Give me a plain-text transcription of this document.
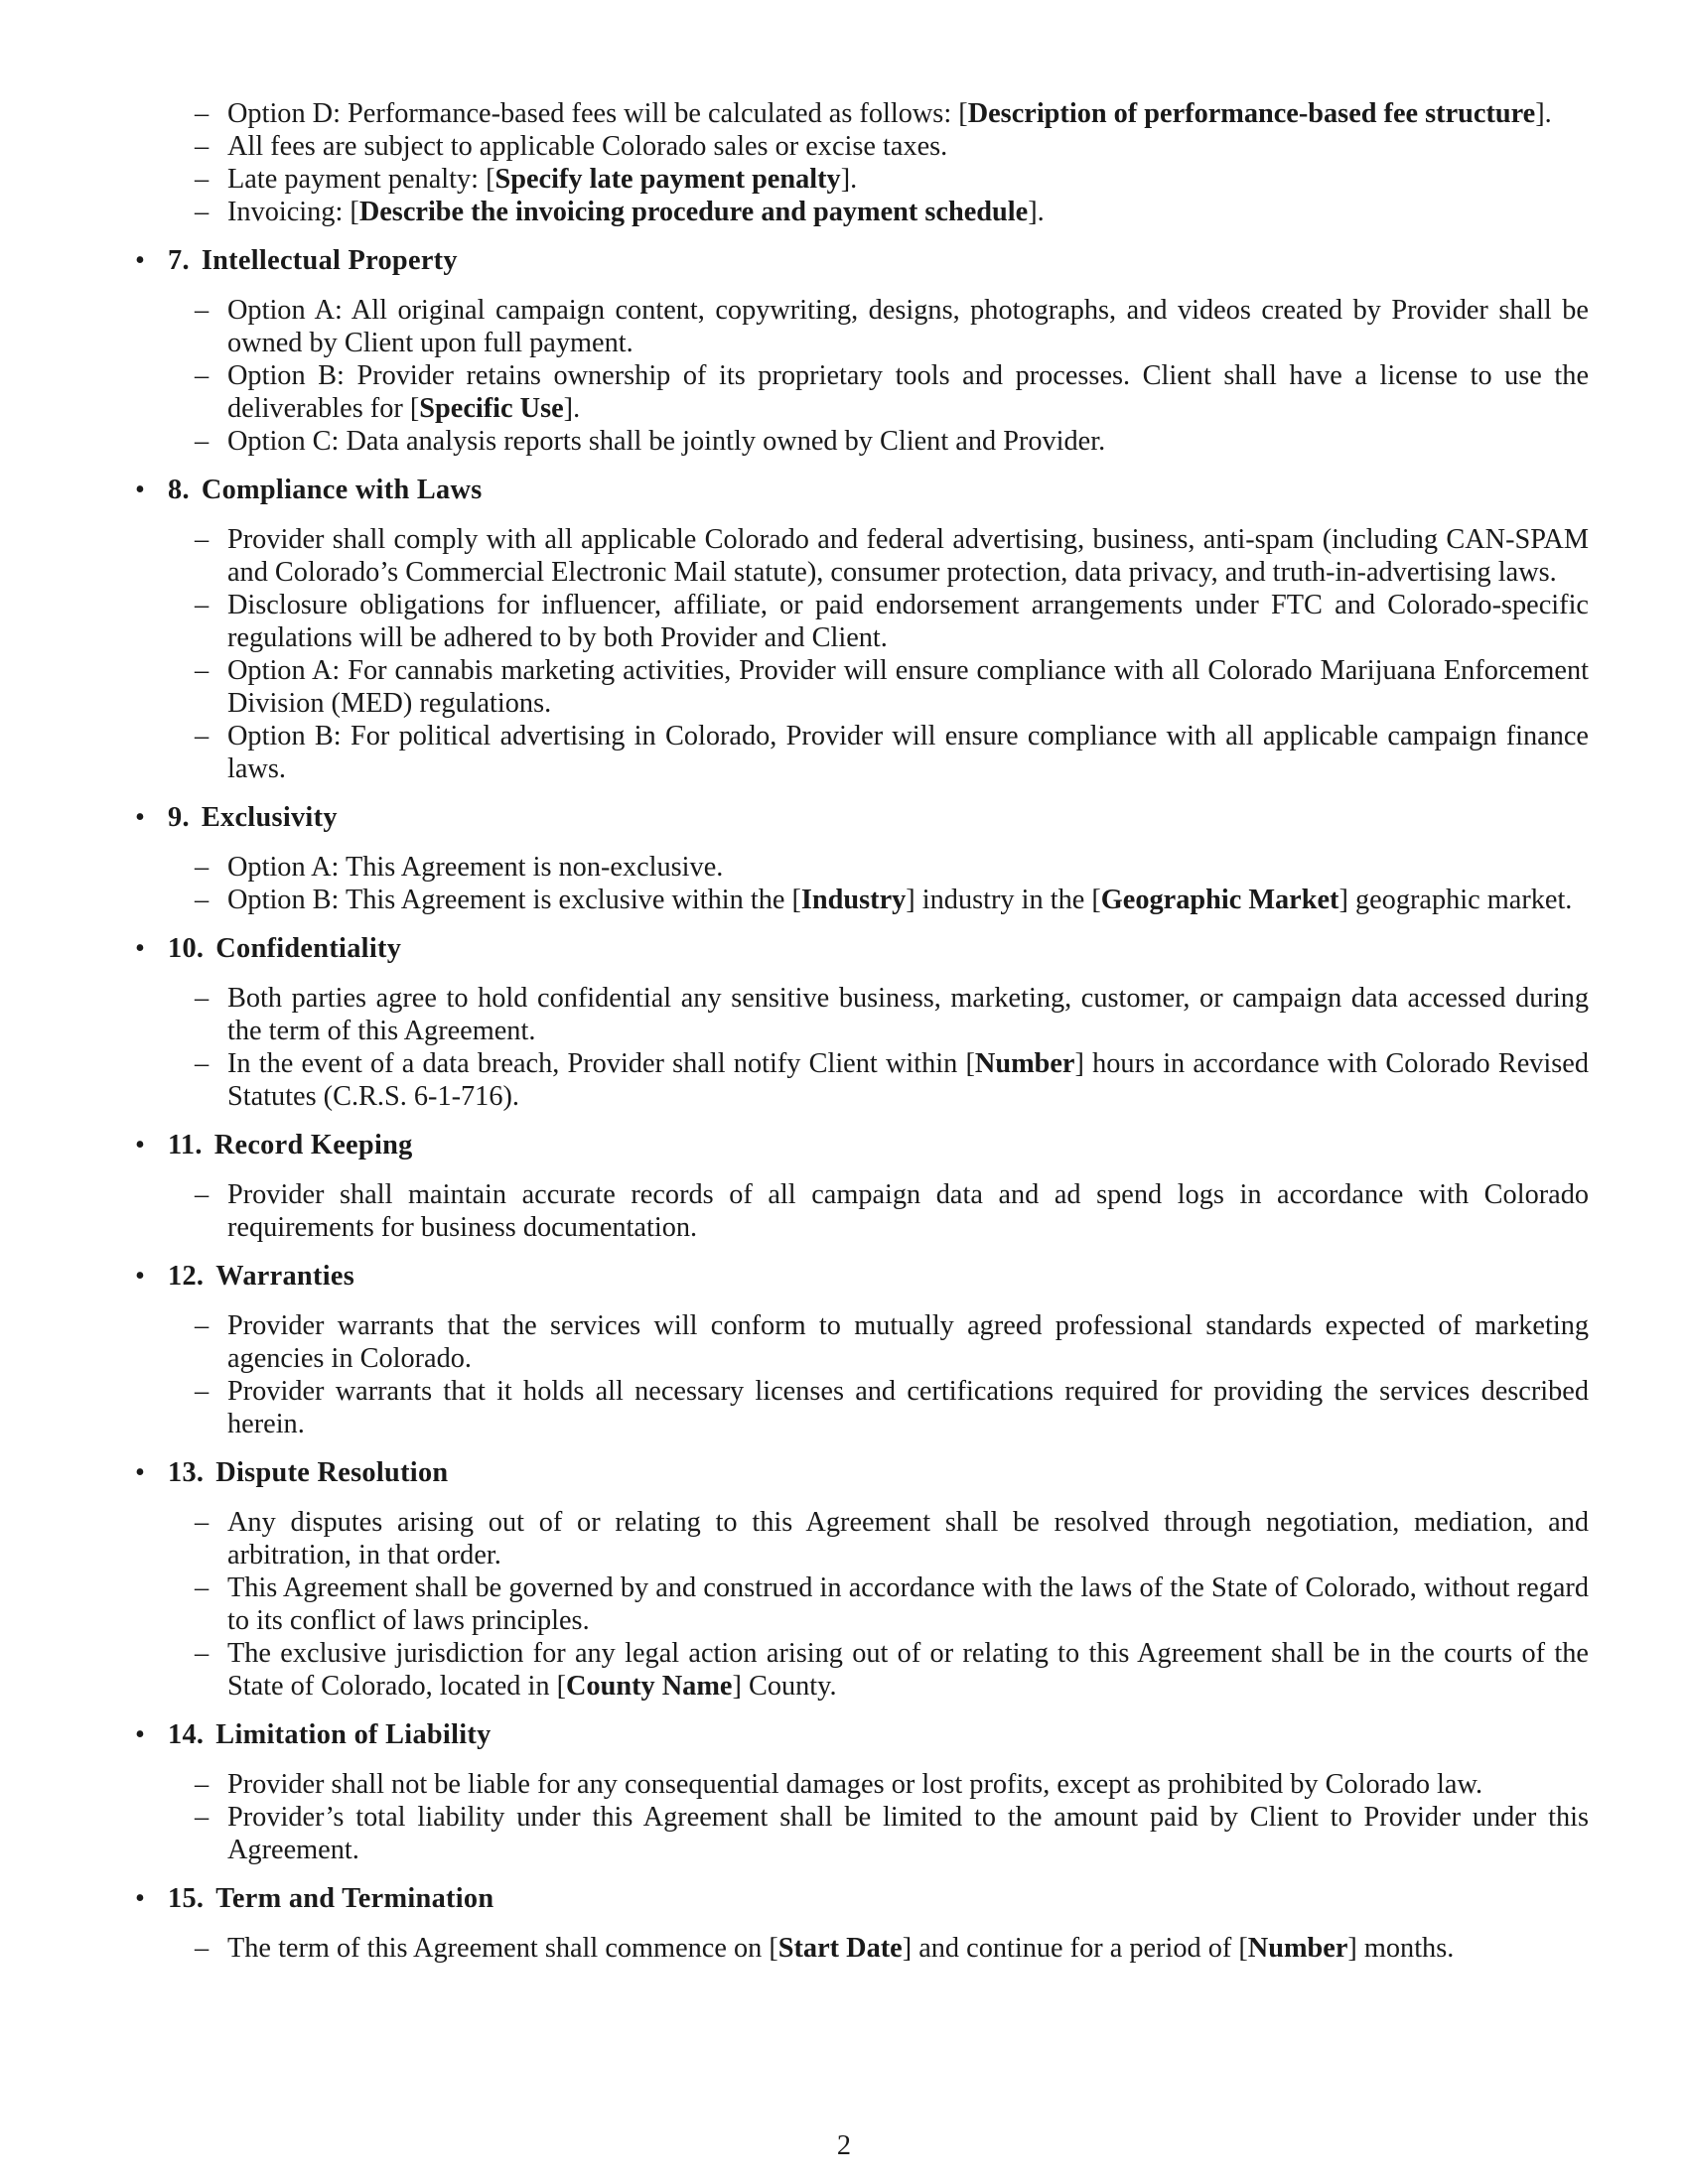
– Option D: Performance-based fees will be calculated as follows: [Description of performance-based fee structure].
– All fees are subject to applicable Colorado sales or excise taxes.
– Late payment penalty: [Specify late payment penalty].
– Invoicing: [Describe the invoicing procedure and payment schedule].
• 7. Intellectual Property
– Option A: All original campaign content, copywriting, designs, photographs, and videos created by Provider shall be owned by Client upon full payment.
– Option B: Provider retains ownership of its proprietary tools and processes. Client shall have a license to use the deliverables for [Specific Use].
– Option C: Data analysis reports shall be jointly owned by Client and Provider.
• 8. Compliance with Laws
– Provider shall comply with all applicable Colorado and federal advertising, business, anti-spam (including CAN-SPAM and Colorado’s Commercial Electronic Mail statute), consumer protection, data privacy, and truth-in-advertising laws.
– Disclosure obligations for influencer, affiliate, or paid endorsement arrangements under FTC and Colorado-specific regulations will be adhered to by both Provider and Client.
– Option A: For cannabis marketing activities, Provider will ensure compliance with all Colorado Marijuana Enforcement Division (MED) regulations.
– Option B: For political advertising in Colorado, Provider will ensure compliance with all applicable campaign finance laws.
• 9. Exclusivity
– Option A: This Agreement is non-exclusive.
– Option B: This Agreement is exclusive within the [Industry] industry in the [Geographic Market] geographic market.
• 10. Confidentiality
– Both parties agree to hold confidential any sensitive business, marketing, customer, or campaign data accessed during the term of this Agreement.
– In the event of a data breach, Provider shall notify Client within [Number] hours in accordance with Colorado Revised Statutes (C.R.S. 6-1-716).
• 11. Record Keeping
– Provider shall maintain accurate records of all campaign data and ad spend logs in accordance with Colorado requirements for business documentation.
• 12. Warranties
– Provider warrants that the services will conform to mutually agreed professional standards expected of marketing agencies in Colorado.
– Provider warrants that it holds all necessary licenses and certifications required for providing the services described herein.
• 13. Dispute Resolution
– Any disputes arising out of or relating to this Agreement shall be resolved through negotiation, mediation, and arbitration, in that order.
– This Agreement shall be governed by and construed in accordance with the laws of the State of Colorado, without regard to its conflict of laws principles.
– The exclusive jurisdiction for any legal action arising out of or relating to this Agreement shall be in the courts of the State of Colorado, located in [County Name] County.
• 14. Limitation of Liability
– Provider shall not be liable for any consequential damages or lost profits, except as prohibited by Colorado law.
– Provider’s total liability under this Agreement shall be limited to the amount paid by Client to Provider under this Agreement.
• 15. Term and Termination
– The term of this Agreement shall commence on [Start Date] and continue for a period of [Number] months.
2
